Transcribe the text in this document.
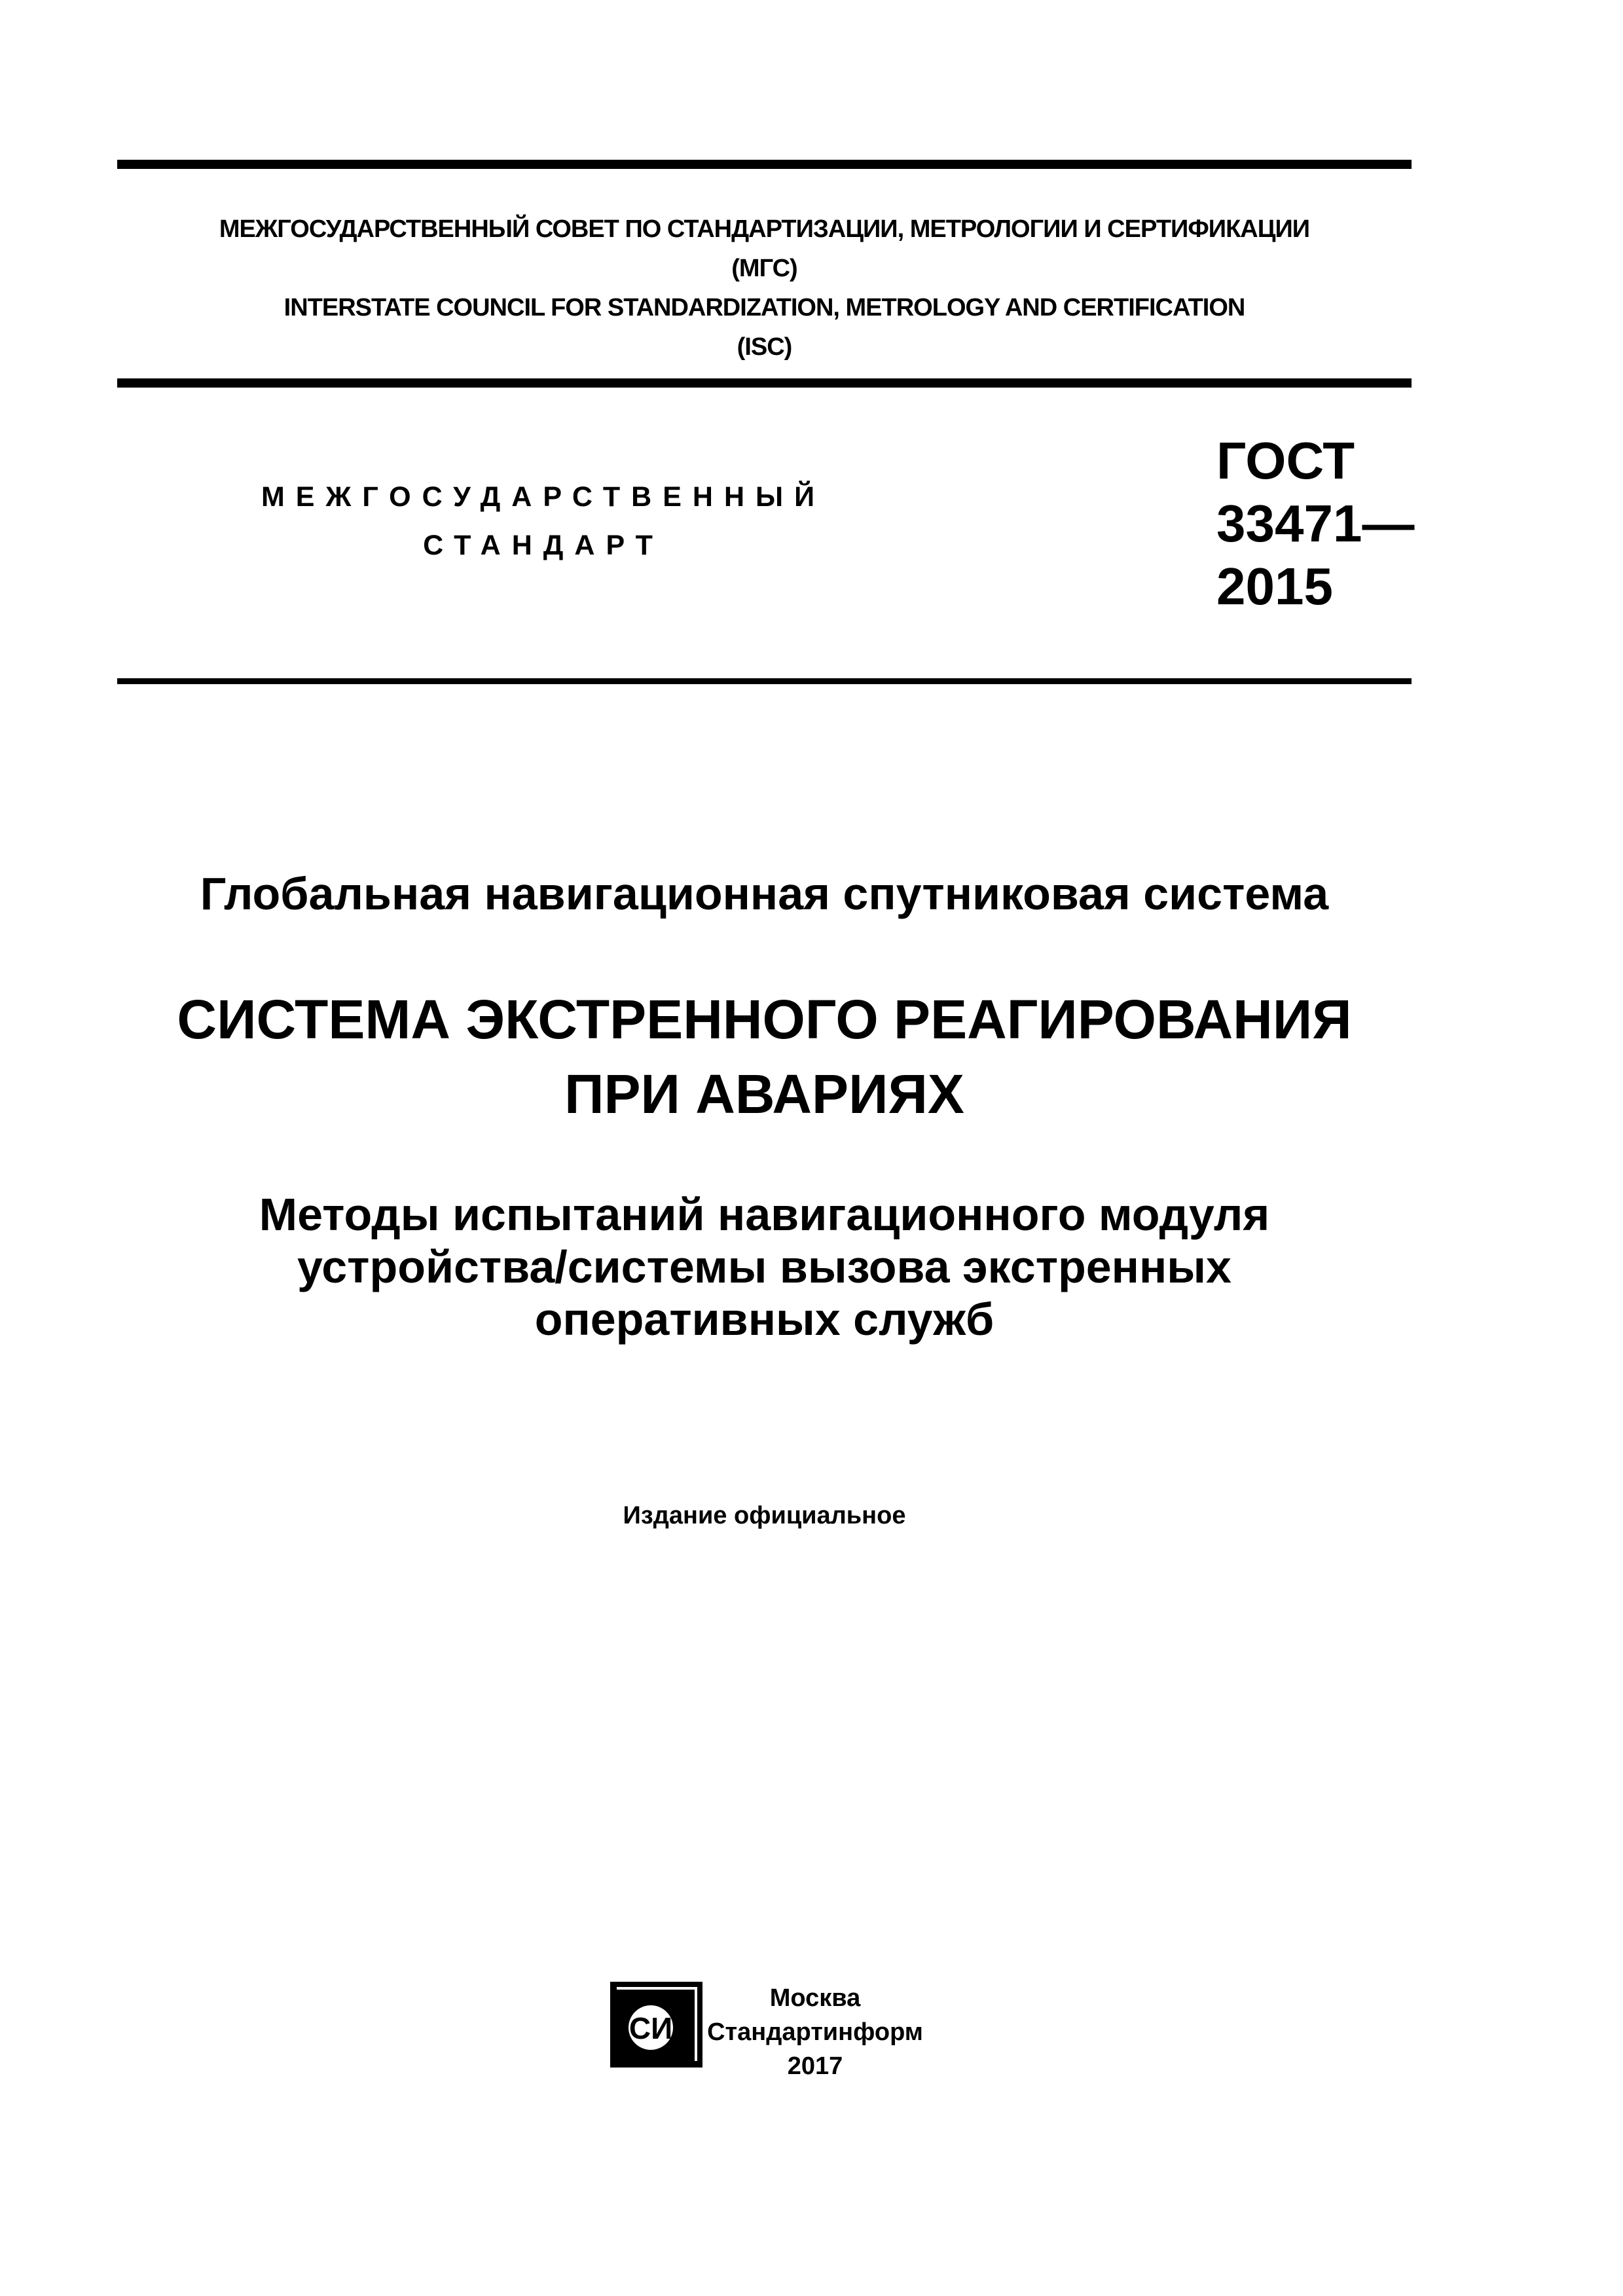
МЕЖГОСУДАРСТВЕННЫЙ СОВЕТ ПО СТАНДАРТИЗАЦИИ, МЕТРОЛОГИИ И СЕРТИФИКАЦИИ
(МГС)
INTERSTATE COUNCIL FOR STANDARDIZATION, METROLOGY AND CERTIFICATION
(ISC)
МЕЖГОСУДАРСТВЕННЫЙ
СТАНДАРТ
ГОСТ
33471—
2015
Глобальная навигационная спутниковая система
СИСТЕМА ЭКСТРЕННОГО РЕАГИРОВАНИЯ
ПРИ АВАРИЯХ
Методы испытаний навигационного модуля
устройства/системы вызова экстренных
оперативных служб
Издание официальное
СИ
Москва
Стандартинформ
2017
